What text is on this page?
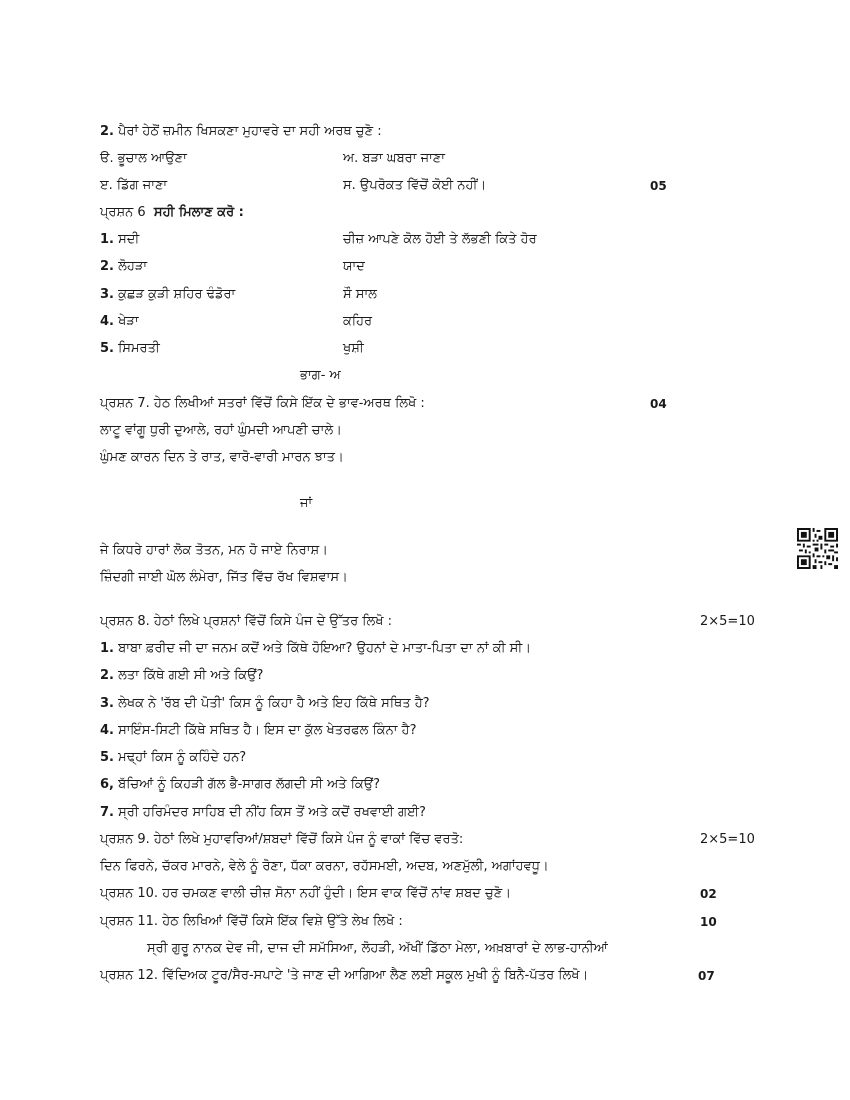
2. ਪੈਰਾਂ ਹੇਠੋਂ ਜ਼ਮੀਨ ਖਿਸਕਣਾ ਮੁਹਾਵਰੇ ਦਾ ਸਹੀ ਅਰਥ ਚੁਣੋ :
ੳ. ਭੂਚਾਲ ਆਉਣਾ	ਅ. ਬੜਾ ਘਬਰਾ ਜਾਣਾ
ੲ. ਡਿੱਗ ਜਾਣਾ	ਸ. ਉਪਰੋਕਤ ਵਿੱਚੋਂ ਕੋਈ ਨਹੀਂ।	05
ਪ੍ਰਸ਼ਨ 6 ਸਹੀ ਮਿਲਾਣ ਕਰੋ :
1. ਸਦੀ	ਚੀਜ਼ ਆਪਣੇ ਕੋਲ ਹੋਈ ਤੇ ਲੱਭਣੀ ਕਿਤੇ ਹੋਰ
2. ਲੋਹੜਾ	ਯਾਦ
3. ਕੁਛੜ ਕੁੜੀ ਸ਼ਹਿਰ ਢੰਡੋਰਾ	ਸੌ ਸਾਲ
4. ਖੇੜਾ	ਕਹਿਰ
5. ਸਿਮਰਤੀ	ਖੁਸ਼ੀ
ਭਾਗ- ਅ
ਪ੍ਰਸ਼ਨ 7. ਹੇਠ ਲਿਖੀਆਂ ਸਤਰਾਂ ਵਿੱਚੋਂ ਕਿਸੇ ਇੱਕ ਦੇ ਭਾਵ-ਅਰਥ ਲਿਖੋ :	04
ਲਾਟੂ ਵਾਂਗੂ ਧੁਰੀ ਦੁਆਲੇ, ਰਹਾਂ ਘੁੰਮਦੀ ਆਪਣੀ ਚਾਲੇ।
ਘੁੰਮਣ ਕਾਰਨ ਦਿਨ ਤੇ ਰਾਤ, ਵਾਰੋ-ਵਾਰੀ ਮਾਰਨ ਝਾਤ।
ਜਾਂ
ਜੇ ਕਿਧਰੇ ਹਾਰਾਂ ਲੋਕ ਤੋਤਨ, ਮਨ ਹੋ ਜਾਏ ਨਿਰਾਸ਼।
ਜ਼ਿੰਦਗੀ ਜਾਈ ਘੋਲ ਲੰਮੇਰਾ, ਜਿੱਤ ਵਿੱਚ ਰੱਖ ਵਿਸ਼ਵਾਸ।
ਪ੍ਰਸ਼ਨ 8. ਹੇਠਾਂ ਲਿਖੇ ਪ੍ਰਸ਼ਨਾਂ ਵਿੱਚੋਂ ਕਿਸੇ ਪੰਜ ਦੇ ਉੱਤਰ ਲਿਖੋ :	2×5=10
1. ਬਾਬਾ ਫ਼ਰੀਦ ਜੀ ਦਾ ਜਨਮ ਕਦੋਂ ਅਤੇ ਕਿੱਥੇ ਹੋਇਆ? ਉਹਨਾਂ ਦੇ ਮਾਤਾ-ਪਿਤਾ ਦਾ ਨਾਂ ਕੀ ਸੀ।
2. ਲਤਾ ਕਿੱਥੇ ਗਈ ਸੀ ਅਤੇ ਕਿਉਂ?
3. ਲੇਖਕ ਨੇ 'ਰੱਬ ਦੀ ਪੋਤੀ' ਕਿਸ ਨੂੰ ਕਿਹਾ ਹੈ ਅਤੇ ਇਹ ਕਿੱਥੇ ਸਥਿਤ ਹੈ?
4. ਸਾਇੰਸ-ਸਿਟੀ ਕਿੱਥੇ ਸਥਿਤ ਹੈ। ਇਸ ਦਾ ਕੁੱਲ ਖੇਤਰਫਲ ਕਿੰਨਾ ਹੈ?
5. ਮਢ੍ਹਾਂ ਕਿਸ ਨੂੰ ਕਹਿੰਦੇ ਹਨ?
6, ਬੱਚਿਆਂ ਨੂੰ ਕਿਹੜੀ ਗੱਲ ਭੈ-ਸਾਗਰ ਲੱਗਦੀ ਸੀ ਅਤੇ ਕਿਉਂ?
7. ਸ੍ਰੀ ਹਰਿਮੰਦਰ ਸਾਹਿਬ ਦੀ ਨੀਂਹ ਕਿਸ ਤੋਂ ਅਤੇ ਕਦੋਂ ਰਖਵਾਈ ਗਈ?
ਪ੍ਰਸ਼ਨ 9. ਹੇਠਾਂ ਲਿਖੇ ਮੁਹਾਵਰਿਆਂ/ਸ਼ਬਦਾਂ ਵਿੱਚੋਂ ਕਿਸੇ ਪੰਜ ਨੂੰ ਵਾਕਾਂ ਵਿੱਚ ਵਰਤੋ:	2×5=10
ਦਿਨ ਫਿਰਨੇ, ਚੱਕਰ ਮਾਰਨੇ, ਵੇਲੇ ਨੂੰ ਰੋਣਾ, ਧੱਕਾ ਕਰਨਾ, ਰਹੱਸਮਈ, ਅਦਬ, ਅਣਮੁੱਲੀ, ਅਗਾਂਹਵਧੂ।
ਪ੍ਰਸ਼ਨ 10. ਹਰ ਚਮਕਣ ਵਾਲੀ ਚੀਜ਼ ਸੋਨਾ ਨਹੀਂ ਹੁੰਦੀ। ਇਸ ਵਾਕ ਵਿੱਚੋਂ ਨਾਂਵ ਸ਼ਬਦ ਚੁਣੋ।	02
ਪ੍ਰਸ਼ਨ 11. ਹੇਠ ਲਿਖਿਆਂ ਵਿੱਚੋਂ ਕਿਸੇ ਇੱਕ ਵਿਸ਼ੇ ਉੱਤੇ ਲੇਖ ਲਿਖੋ :	10
ਸ੍ਰੀ ਗੁਰੂ ਨਾਨਕ ਦੇਵ ਜੀ, ਦਾਜ ਦੀ ਸਮੱਸਿਆ, ਲੋਹੜੀ, ਅੱਖੀਂ ਡਿੱਠਾ ਮੇਲਾ, ਅਖ਼ਬਾਰਾਂ ਦੇ ਲਾਭ-ਹਾਨੀਆਂ
ਪ੍ਰਸ਼ਨ 12. ਵਿੱਦਿਅਕ ਟੂਰ/ਸੈਰ-ਸਪਾਟੇ 'ਤੇ ਜਾਣ ਦੀ ਆਗਿਆ ਲੈਣ ਲਈ ਸਕੂਲ ਮੁਖੀ ਨੂੰ ਬਿਨੈ-ਪੱਤਰ ਲਿਖੋ।	07
